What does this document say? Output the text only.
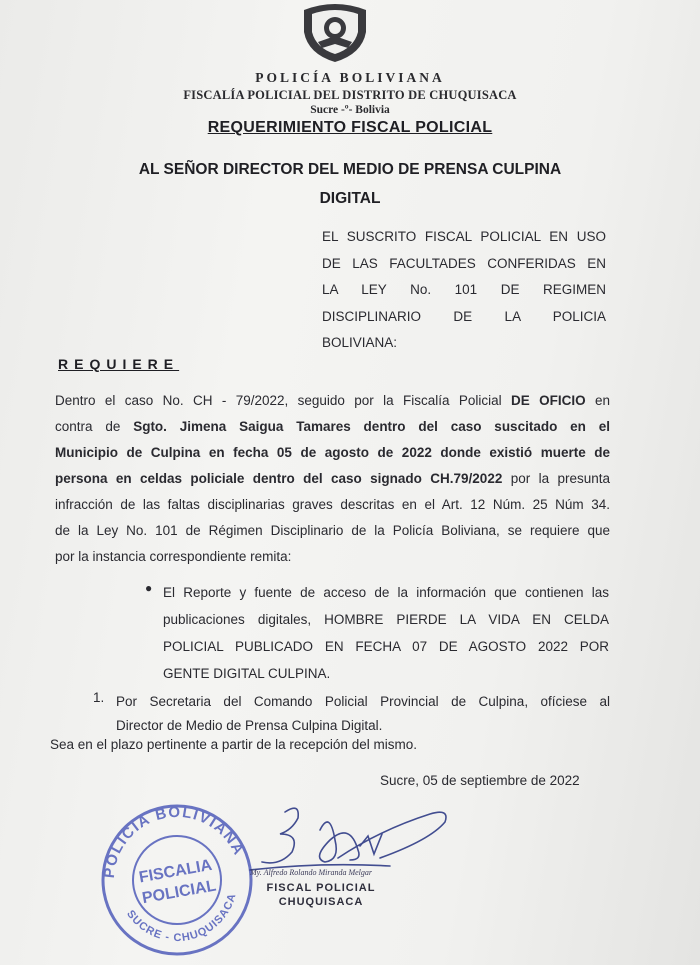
POLICÍA BOLIVIANA
FISCALÍA POLICIAL DEL DISTRITO DE CHUQUISACA
Sucre -º- Bolivia
REQUERIMIENTO FISCAL POLICIAL
AL SEÑOR DIRECTOR DEL MEDIO DE PRENSA CULPINA
DIGITAL
EL SUSCRITO FISCAL POLICIAL EN USO
DE LAS FACULTADES CONFERIDAS EN
LA LEY No. 101 DE REGIMEN
DISCIPLINARIO DE LA POLICIA
BOLIVIANA:
REQUIERE
Dentro el caso No. CH - 79/2022, seguido por la Fiscalía Policial DE OFICIO en
contra de Sgto. Jimena Saigua Tamares dentro del caso suscitado en el
Municipio de Culpina en fecha 05 de agosto de 2022 donde existió muerte de
persona en celdas policiale dentro del caso signado CH.79/2022 por la presunta
infracción de las faltas disciplinarias graves descritas en el Art. 12 Núm. 25 Núm 34.
de la Ley No. 101 de Régimen Disciplinario de la Policía Boliviana, se requiere que
por la instancia correspondiente remita:
● El Reporte y fuente de acceso de la información que contienen las
publicaciones digitales, HOMBRE PIERDE LA VIDA EN CELDA
POLICIAL PUBLICADO EN FECHA 07 DE AGOSTO 2022 POR
GENTE DIGITAL CULPINA.
1. Por Secretaria del Comando Policial Provincial de Culpina, ofíciese al
Director de Medio de Prensa Culpina Digital.
Sea en el plazo pertinente a partir de la recepción del mismo.
Sucre, 05 de septiembre de 2022
POLICIA BOLIVIANA
SUCRE - CHUQUISACA
FISCALIA
POLICIAL
My. Alfredo Rolando Miranda Melgar
FISCAL POLICIAL
CHUQUISACA
